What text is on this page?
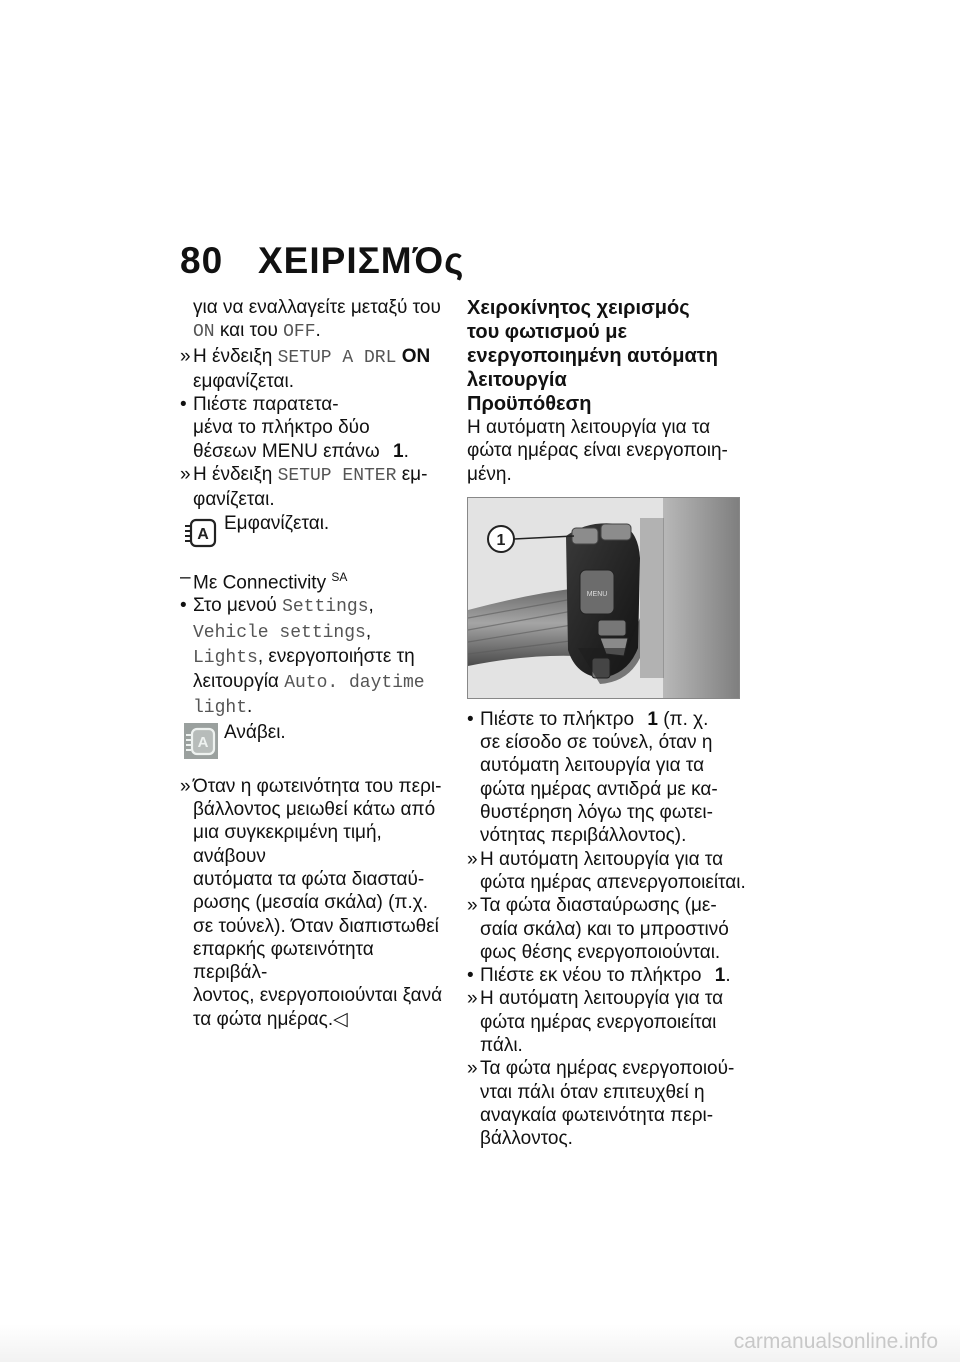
80 ΧΕΙΡΙΣΜΌς

για να εναλλαγείτε μεταξύ του

ON και του OFF.

» Η ένδειξη SETUP A DRL ON
εμφανίζεται.
• Πιέστε παρατετα-
μένα το πλήκτρο δύο
θέσεων MENU επάνω 1.
» Η ένδειξη SETUP ENTER εμ-
φανίζεται.
A
Εμφανίζεται.
– Με Connectivity $^{SA}$
• Στο μενού Settings,
Vehicle settings,
Lights, ενεργοποιήστε τη
λειτουργία Auto. daytime
light.
A Ανάβει.
» Όταν η φωτεινότητα του περι-
βάλλοντος μειωθεί κάτω από
μια συγκεκριμένη τιμή, ανάβουν
αυτόματα τα φώτα διασταύ-
ρωσης (μεσαία σκάλα) (π.χ.
σε τούνελ). Όταν διαπιστωθεί
επαρκής φωτεινότητα περιβάλ-
λοντος, ενεργοποιούνται ξανά
τα φώτα ημέρας.◁

Χειροκίνητος χειρισμός

του φωτισμού με

ενεργοποιημένη αυτόματη

λειτουργία

Προϋπόθεση

Η αυτόματη λειτουργία για τα

φώτα ημέρας είναι ενεργοποιη-

μένη.

MENU
1
• Πιέστε το πλήκτρο 1 (π. χ.
σε είσοδο σε τούνελ, όταν η
αυτόματη λειτουργία για τα
φώτα ημέρας αντιδρά με κα-
θυστέρηση λόγω της φωτει-
νότητας περιβάλλοντος).
» Η αυτόματη λειτουργία για τα
φώτα ημέρας απενεργοποιείται.
» Τα φώτα διασταύρωσης (με-
σαία σκάλα) και το μπροστινό
φως θέσης ενεργοποιούνται.
• Πιέστε εκ νέου το πλήκτρο 1.
» Η αυτόματη λειτουργία για τα
φώτα ημέρας ενεργοποιείται
πάλι.
» Τα φώτα ημέρας ενεργοποιού-
νται πάλι όταν επιτευχθεί η
αναγκαία φωτεινότητα περι-
βάλλοντος.
carmanualsonline.info
